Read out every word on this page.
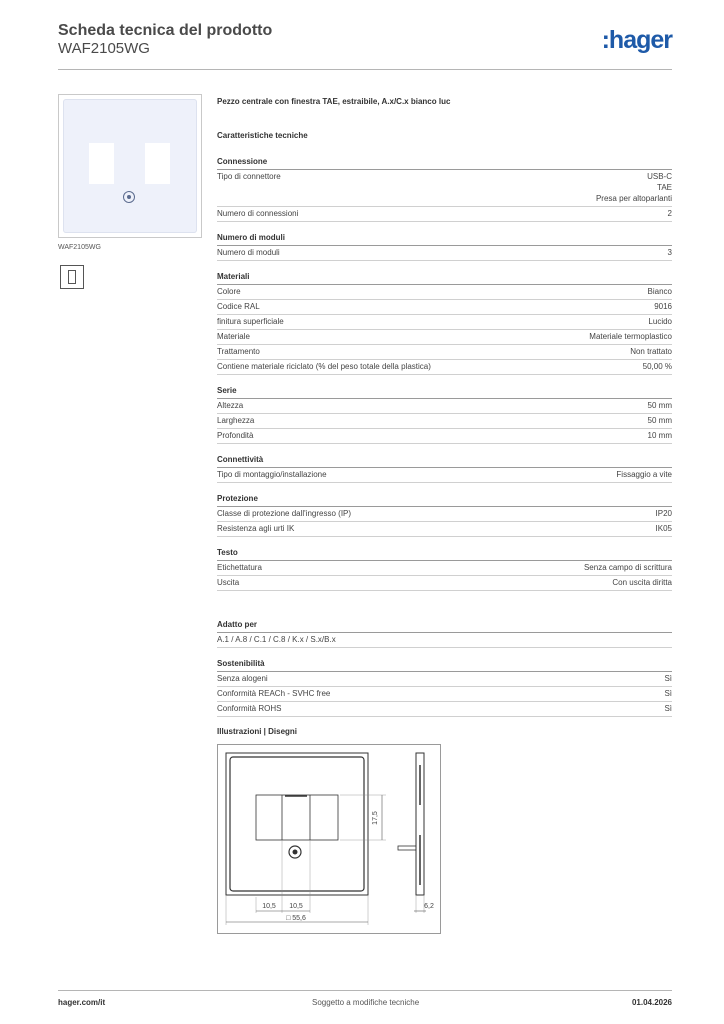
Scheda tecnica del prodotto
WAF2105WG	:hager
WAF2105WG
Pezzo centrale con finestra TAE, estraibile, A.x/C.x bianco luc
Caratteristiche tecniche
Connessione
Tipo di connettore	USB-C
TAE
Presa per altoparlanti
Numero di connessioni	2
Numero di moduli
Numero di moduli	3
Materiali
Colore	Bianco
Codice RAL	9016
finitura superficiale	Lucido
Materiale	Materiale termoplastico
Trattamento	Non trattato
Contiene materiale riciclato (% del peso totale della plastica)	50,00 %
Serie
Altezza	50 mm
Larghezza	50 mm
Profondità	10 mm
Connettività
Tipo di montaggio/installazione	Fissaggio a vite
Protezione
Classe di protezione dall'ingresso (IP)	IP20
Resistenza agli urti IK	IK05
Testo
Etichettatura	Senza campo di scrittura
Uscita	Con uscita diritta
Adatto per
A.1 / A.8 / C.1 / C.8 / K.x / S.x/B.x
Sostenibilità
Senza alogeni	Sì
Conformità REACh - SVHC free	Sì
Conformità ROHS	Sì
Illustrazioni | Disegni
17,5
10,5 10,5
□ 55,6
6,2
hager.com/it	Soggetto a modifiche tecniche	01.04.2026
